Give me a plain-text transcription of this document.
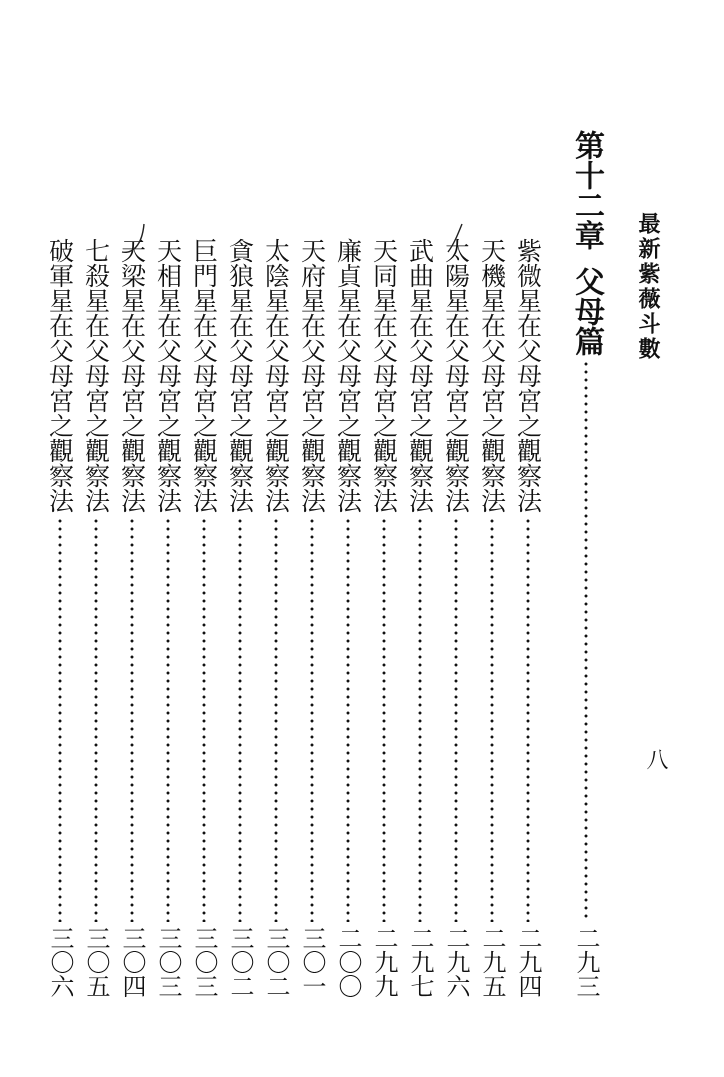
最新紫薇斗數
八
第十二章
父母篇
二九三
紫微星在父母宮之觀察法
二九四
天機星在父母宮之觀察法
二九五
太陽星在父母宮之觀察法
二九六
武曲星在父母宮之觀察法
二九七
天同星在父母宮之觀察法
二九九
廉貞星在父母宮之觀察法
二〇〇
天府星在父母宮之觀察法
三〇一
太陰星在父母宮之觀察法
三〇二
貪狼星在父母宮之觀察法
三〇二
巨門星在父母宮之觀察法
三〇三
天相星在父母宮之觀察法
三〇三
天梁星在父母宮之觀察法
三〇四
七殺星在父母宮之觀察法
三〇五
破軍星在父母宮之觀察法
三〇六
